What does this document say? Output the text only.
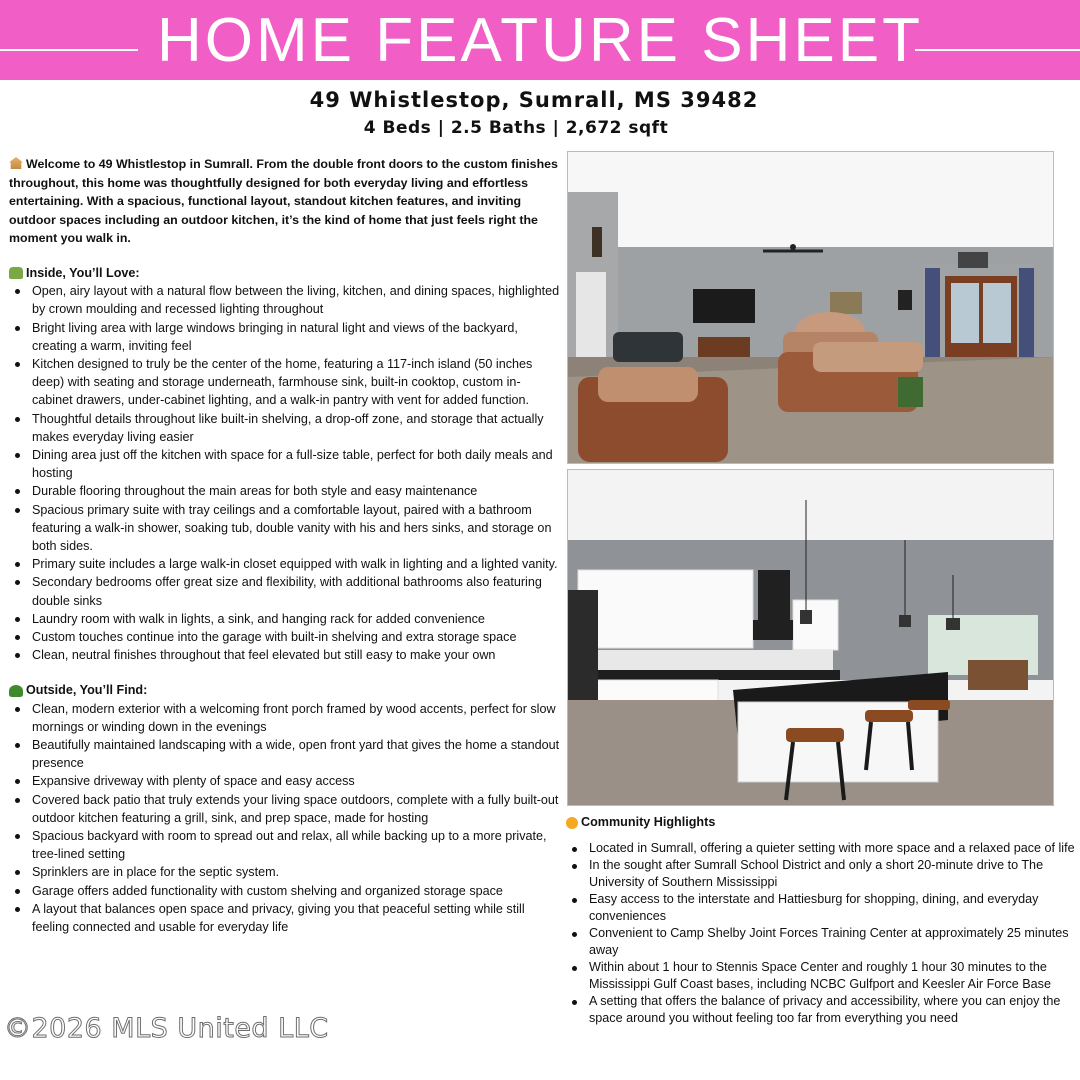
HOME FEATURE SHEET
49 Whistlestop, Sumrall, MS 39482
4 Beds | 2.5 Baths | 2,672 sqft

Welcome to 49 Whistlestop in Sumrall. From the double front doors to the custom finishes throughout, this home was thoughtfully designed for both everyday living and effortless entertaining. With a spacious, functional layout, standout kitchen features, and inviting outdoor spaces including an outdoor kitchen, it’s the kind of home that just feels right the moment you walk in.

Inside, You’ll Love:
Open, airy layout with a natural flow between the living, kitchen, and dining spaces, highlighted by crown moulding and recessed lighting throughout
Bright living area with large windows bringing in natural light and views of the backyard, creating a warm, inviting feel
Kitchen designed to truly be the center of the home, featuring a 117-inch island (50 inches deep) with seating and storage underneath, farmhouse sink, built-in cooktop, custom in-cabinet drawers, under-cabinet lighting, and a walk-in pantry with vent for added function.
Thoughtful details throughout like built-in shelving, a drop-off zone, and storage that actually makes everyday living easier
Dining area just off the kitchen with space for a full-size table, perfect for both daily meals and hosting
Durable flooring throughout the main areas for both style and easy maintenance
Spacious primary suite with tray ceilings and a comfortable layout, paired with a bathroom featuring a walk-in shower, soaking tub, double vanity with his and hers sinks, and storage on both sides.
Primary suite includes a large walk-in closet equipped with walk in lighting and a lighted vanity.
Secondary bedrooms offer great size and flexibility, with additional bathrooms also featuring double sinks
Laundry room with walk in lights, a sink, and hanging rack for added convenience
Custom touches continue into the garage with built-in shelving and extra storage space
Clean, neutral finishes throughout that feel elevated but still easy to make your own
Outside, You’ll Find:
Clean, modern exterior with a welcoming front porch framed by wood accents, perfect for slow mornings or winding down in the evenings
Beautifully maintained landscaping with a wide, open front yard that gives the home a standout presence
Expansive driveway with plenty of space and easy access
Covered back patio that truly extends your living space outdoors, complete with a fully built-out outdoor kitchen featuring a grill, sink, and prep space, made for hosting
Spacious backyard with room to spread out and relax, all while backing up to a more private, tree-lined setting
Sprinklers are in place for the septic system.
Garage offers added functionality with custom shelving and organized storage space
A layout that balances open space and privacy, giving you that peaceful setting while still feeling connected and usable for everyday life
Community Highlights
Located in Sumrall, offering a quieter setting with more space and a relaxed pace of life
In the sought after Sumrall School District and only a short 20-minute drive to The University of Southern Mississippi
Easy access to the interstate and Hattiesburg for shopping, dining, and everyday conveniences
Convenient to Camp Shelby Joint Forces Training Center at approximately 25 minutes away
Within about 1 hour to Stennis Space Center and roughly 1 hour 30 minutes to the Mississippi Gulf Coast bases, including NCBC Gulfport and Keesler Air Force Base
A setting that offers the balance of privacy and accessibility, where you can enjoy the space around you without feeling too far from everything you need
©2026 MLS United LLC
